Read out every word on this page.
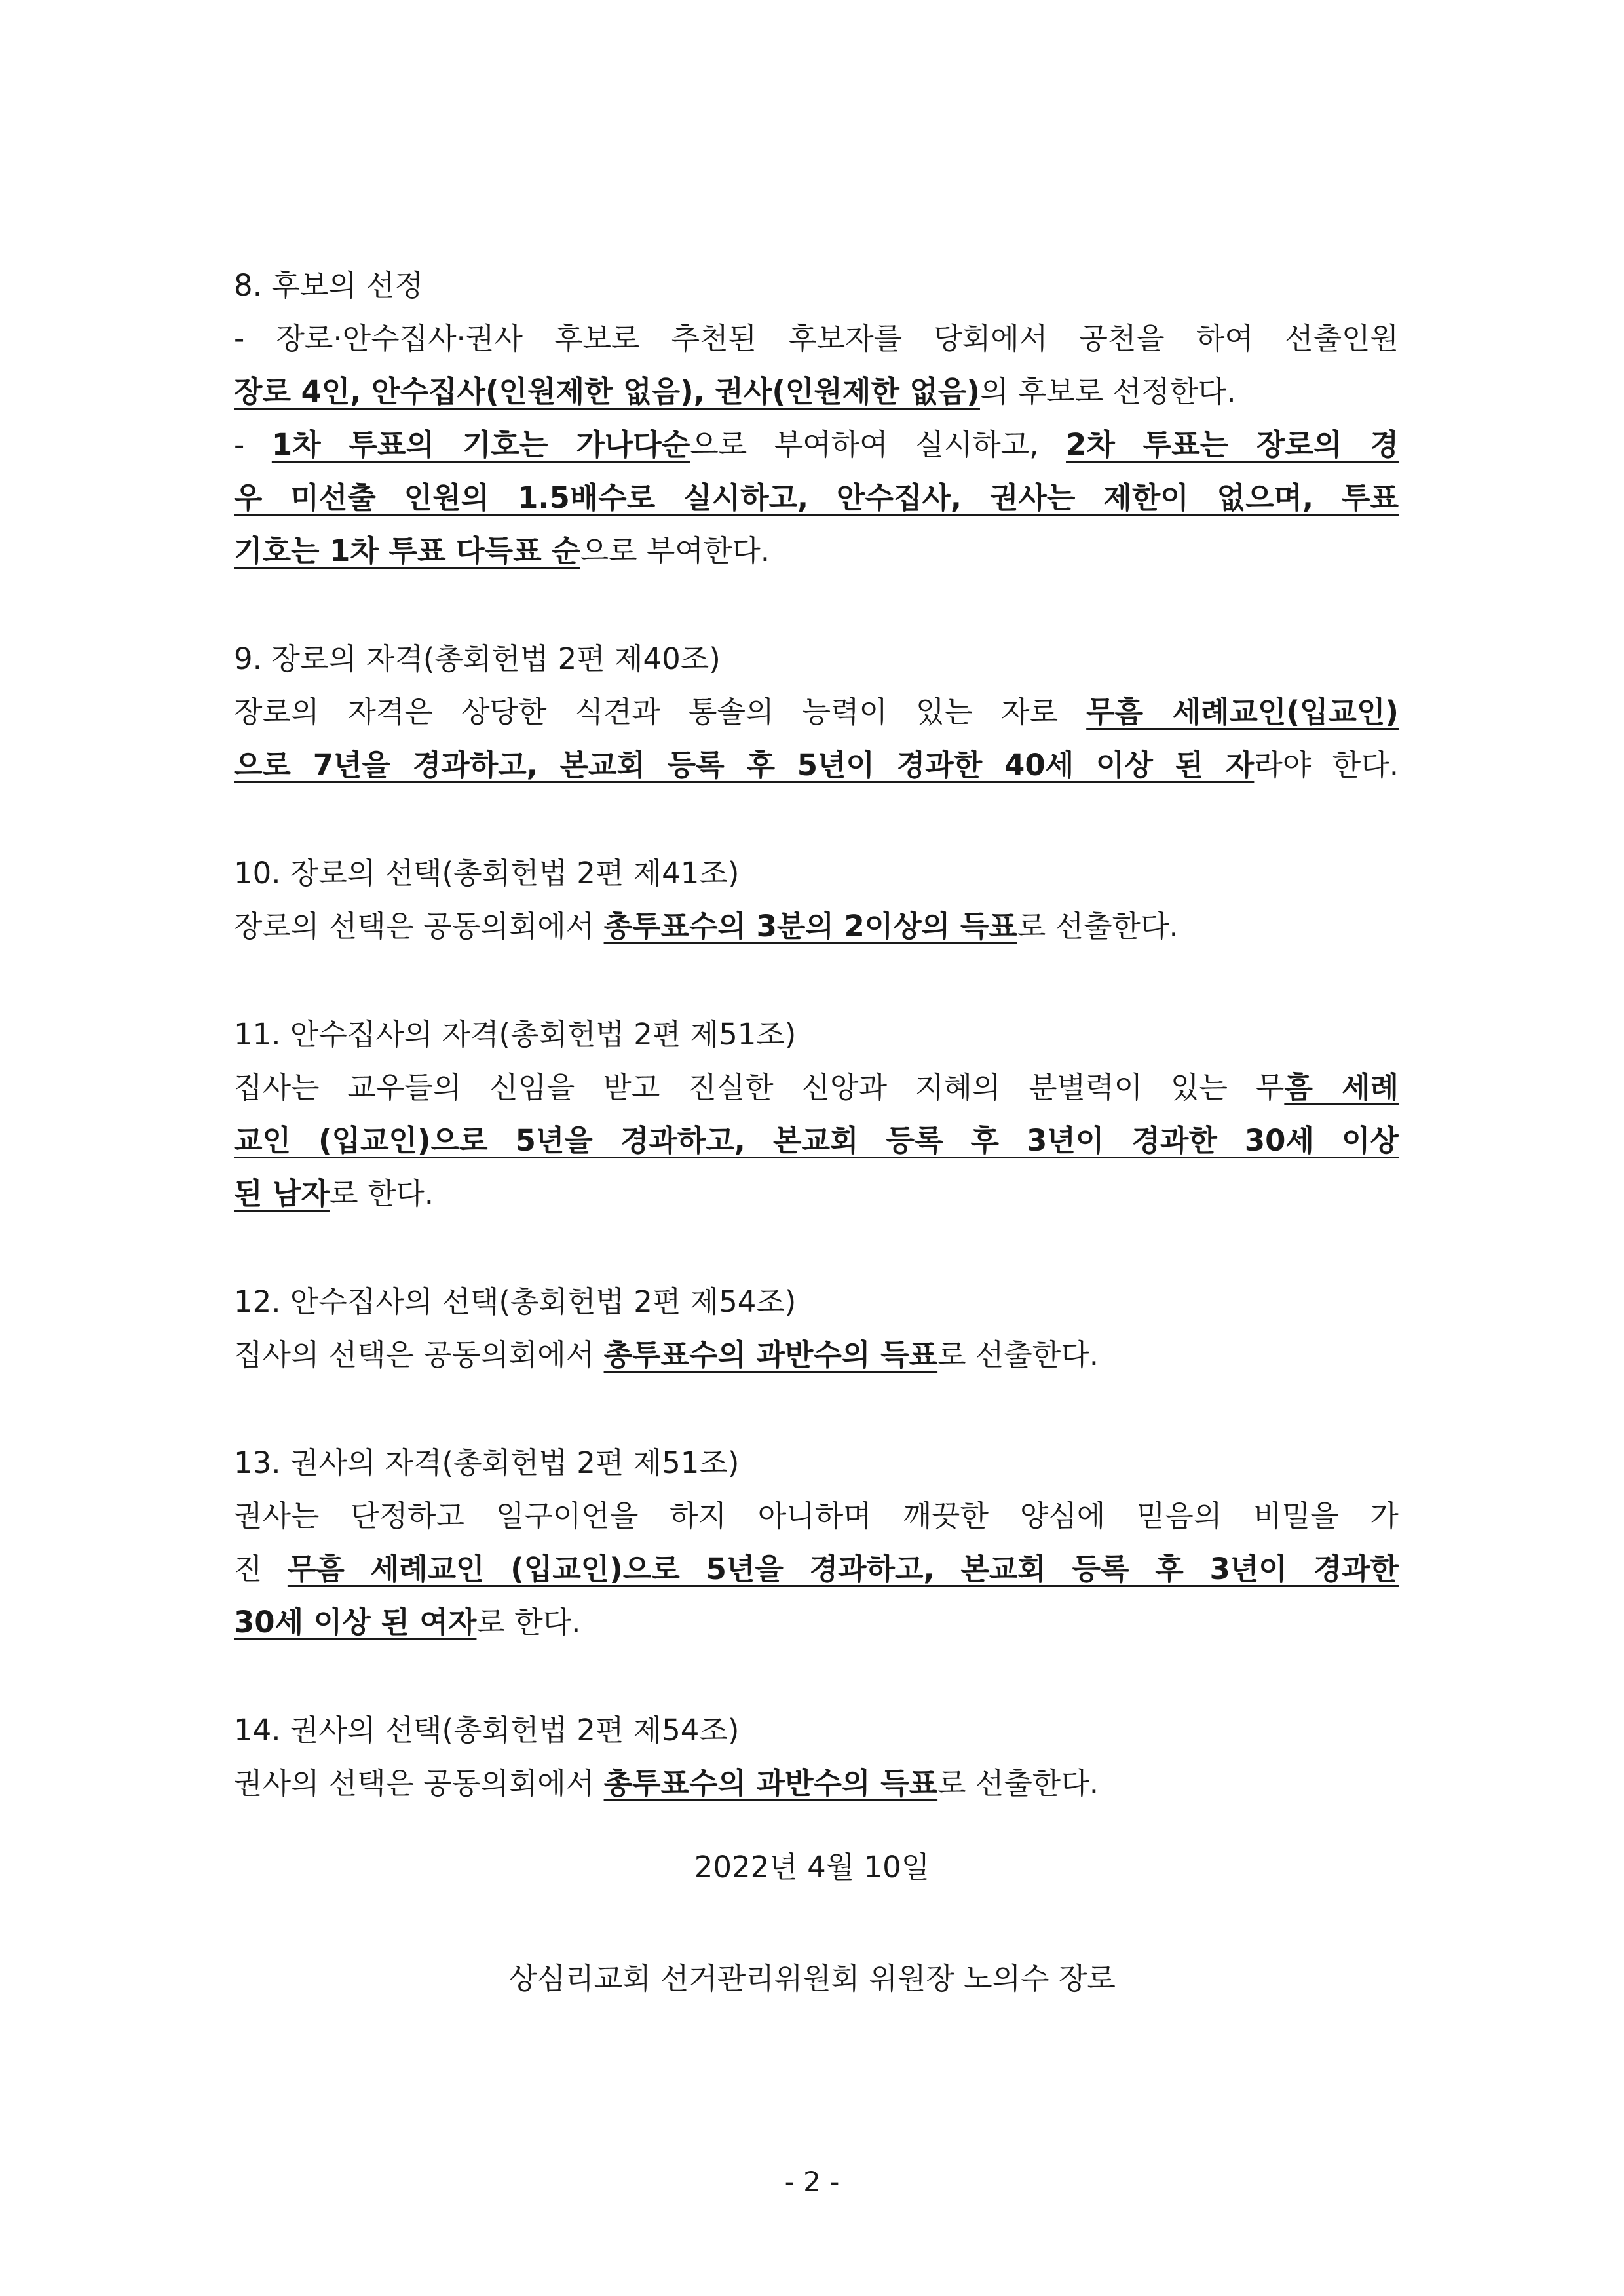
8. 후보의 선정
- 장로·안수집사·권사 후보로 추천된 후보자를 당회에서 공천을 하여 선출인원
장로 4인, 안수집사(인원제한 없음), 권사(인원제한 없음)의 후보로 선정한다.
- 1차 투표의 기호는 가나다순으로 부여하여 실시하고, 2차 투표는 장로의 경
우 미선출 인원의 1.5배수로 실시하고, 안수집사, 권사는 제한이 없으며, 투표
기호는 1차 투표 다득표 순으로 부여한다.
9. 장로의 자격(총회헌법 2편 제40조)
장로의 자격은 상당한 식견과 통솔의 능력이 있는 자로 무흠 세례교인(입교인)
으로 7년을 경과하고, 본교회 등록 후 5년이 경과한 40세 이상 된 자라야 한다.
10. 장로의 선택(총회헌법 2편 제41조)
장로의 선택은 공동의회에서 총투표수의 3분의 2이상의 득표로 선출한다.
11. 안수집사의 자격(총회헌법 2편 제51조)
집사는 교우들의 신임을 받고 진실한 신앙과 지혜의 분별력이 있는 무흠 세례
교인 (입교인)으로 5년을 경과하고, 본교회 등록 후 3년이 경과한 30세 이상
된 남자로 한다.
12. 안수집사의 선택(총회헌법 2편 제54조)
집사의 선택은 공동의회에서 총투표수의 과반수의 득표로 선출한다.
13. 권사의 자격(총회헌법 2편 제51조)
권사는 단정하고 일구이언을 하지 아니하며 깨끗한 양심에 믿음의 비밀을 가
진 무흠 세례교인 (입교인)으로 5년을 경과하고, 본교회 등록 후 3년이 경과한
30세 이상 된 여자로 한다.
14. 권사의 선택(총회헌법 2편 제54조)
권사의 선택은 공동의회에서 총투표수의 과반수의 득표로 선출한다.
2022년 4월 10일
상심리교회 선거관리위원회 위원장 노의수 장로
- 2 -
